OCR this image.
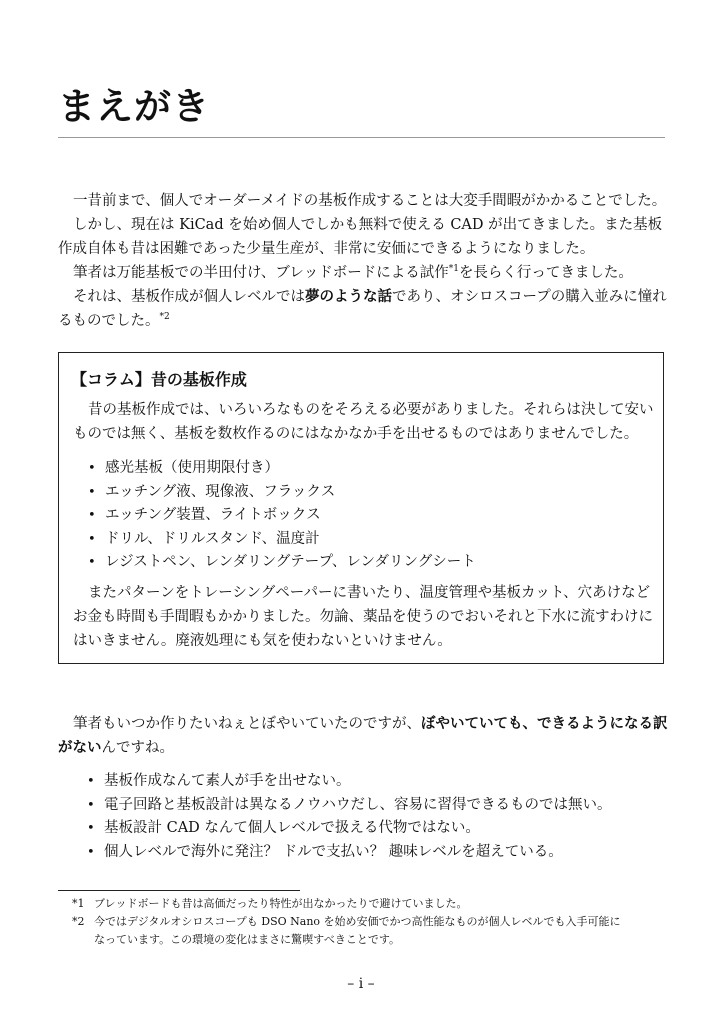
まえがき
一昔前まで、個人でオーダーメイドの基板作成することは大変手間暇がかかることでした。
しかし、現在は KiCad を始め個人でしかも無料で使える CAD が出てきました。また基板
作成自体も昔は困難であった少量生産が、非常に安価にできるようになりました。
筆者は万能基板での半田付け、ブレッドボードによる試作$^{*1}$を長らく行ってきました。
それは、基板作成が個人レベルでは夢のような話であり、オシロスコープの購入並みに憧れ
るものでした。$^{*2}$
【コラム】昔の基板作成
昔の基板作成では、いろいろなものをそろえる必要がありました。それらは決して安い
ものでは無く、基板を数枚作るのにはなかなか手を出せるものではありませんでした。
• 感光基板（使用期限付き）
• エッチング液、現像液、フラックス
• エッチング装置、ライトボックス
• ドリル、ドリルスタンド、温度計
• レジストペン、レンダリングテープ、レンダリングシート
またパターンをトレーシングペーパーに書いたり、温度管理や基板カット、穴あけなど
お金も時間も手間暇もかかりました。勿論、薬品を使うのでおいそれと下水に流すわけに
はいきません。廃液処理にも気を使わないといけません。
筆者もいつか作りたいねぇとぼやいていたのですが、ぼやいていても、できるようになる訳
がないんですね。
• 基板作成なんて素人が手を出せない。
• 電子回路と基板設計は異なるノウハウだし、容易に習得できるものでは無い。
• 基板設計 CAD なんて個人レベルで扱える代物ではない。
• 個人レベルで海外に発注？ ドルで支払い？ 趣味レベルを超えている。
*1 ブレッドボードも昔は高価だったり特性が出なかったりで避けていました。
*2 今ではデジタルオシロスコープも DSO Nano を始め安価でかつ高性能なものが個人レベルでも入手可能に
なっています。この環境の変化はまさに驚喫すべきことです。
– i –
